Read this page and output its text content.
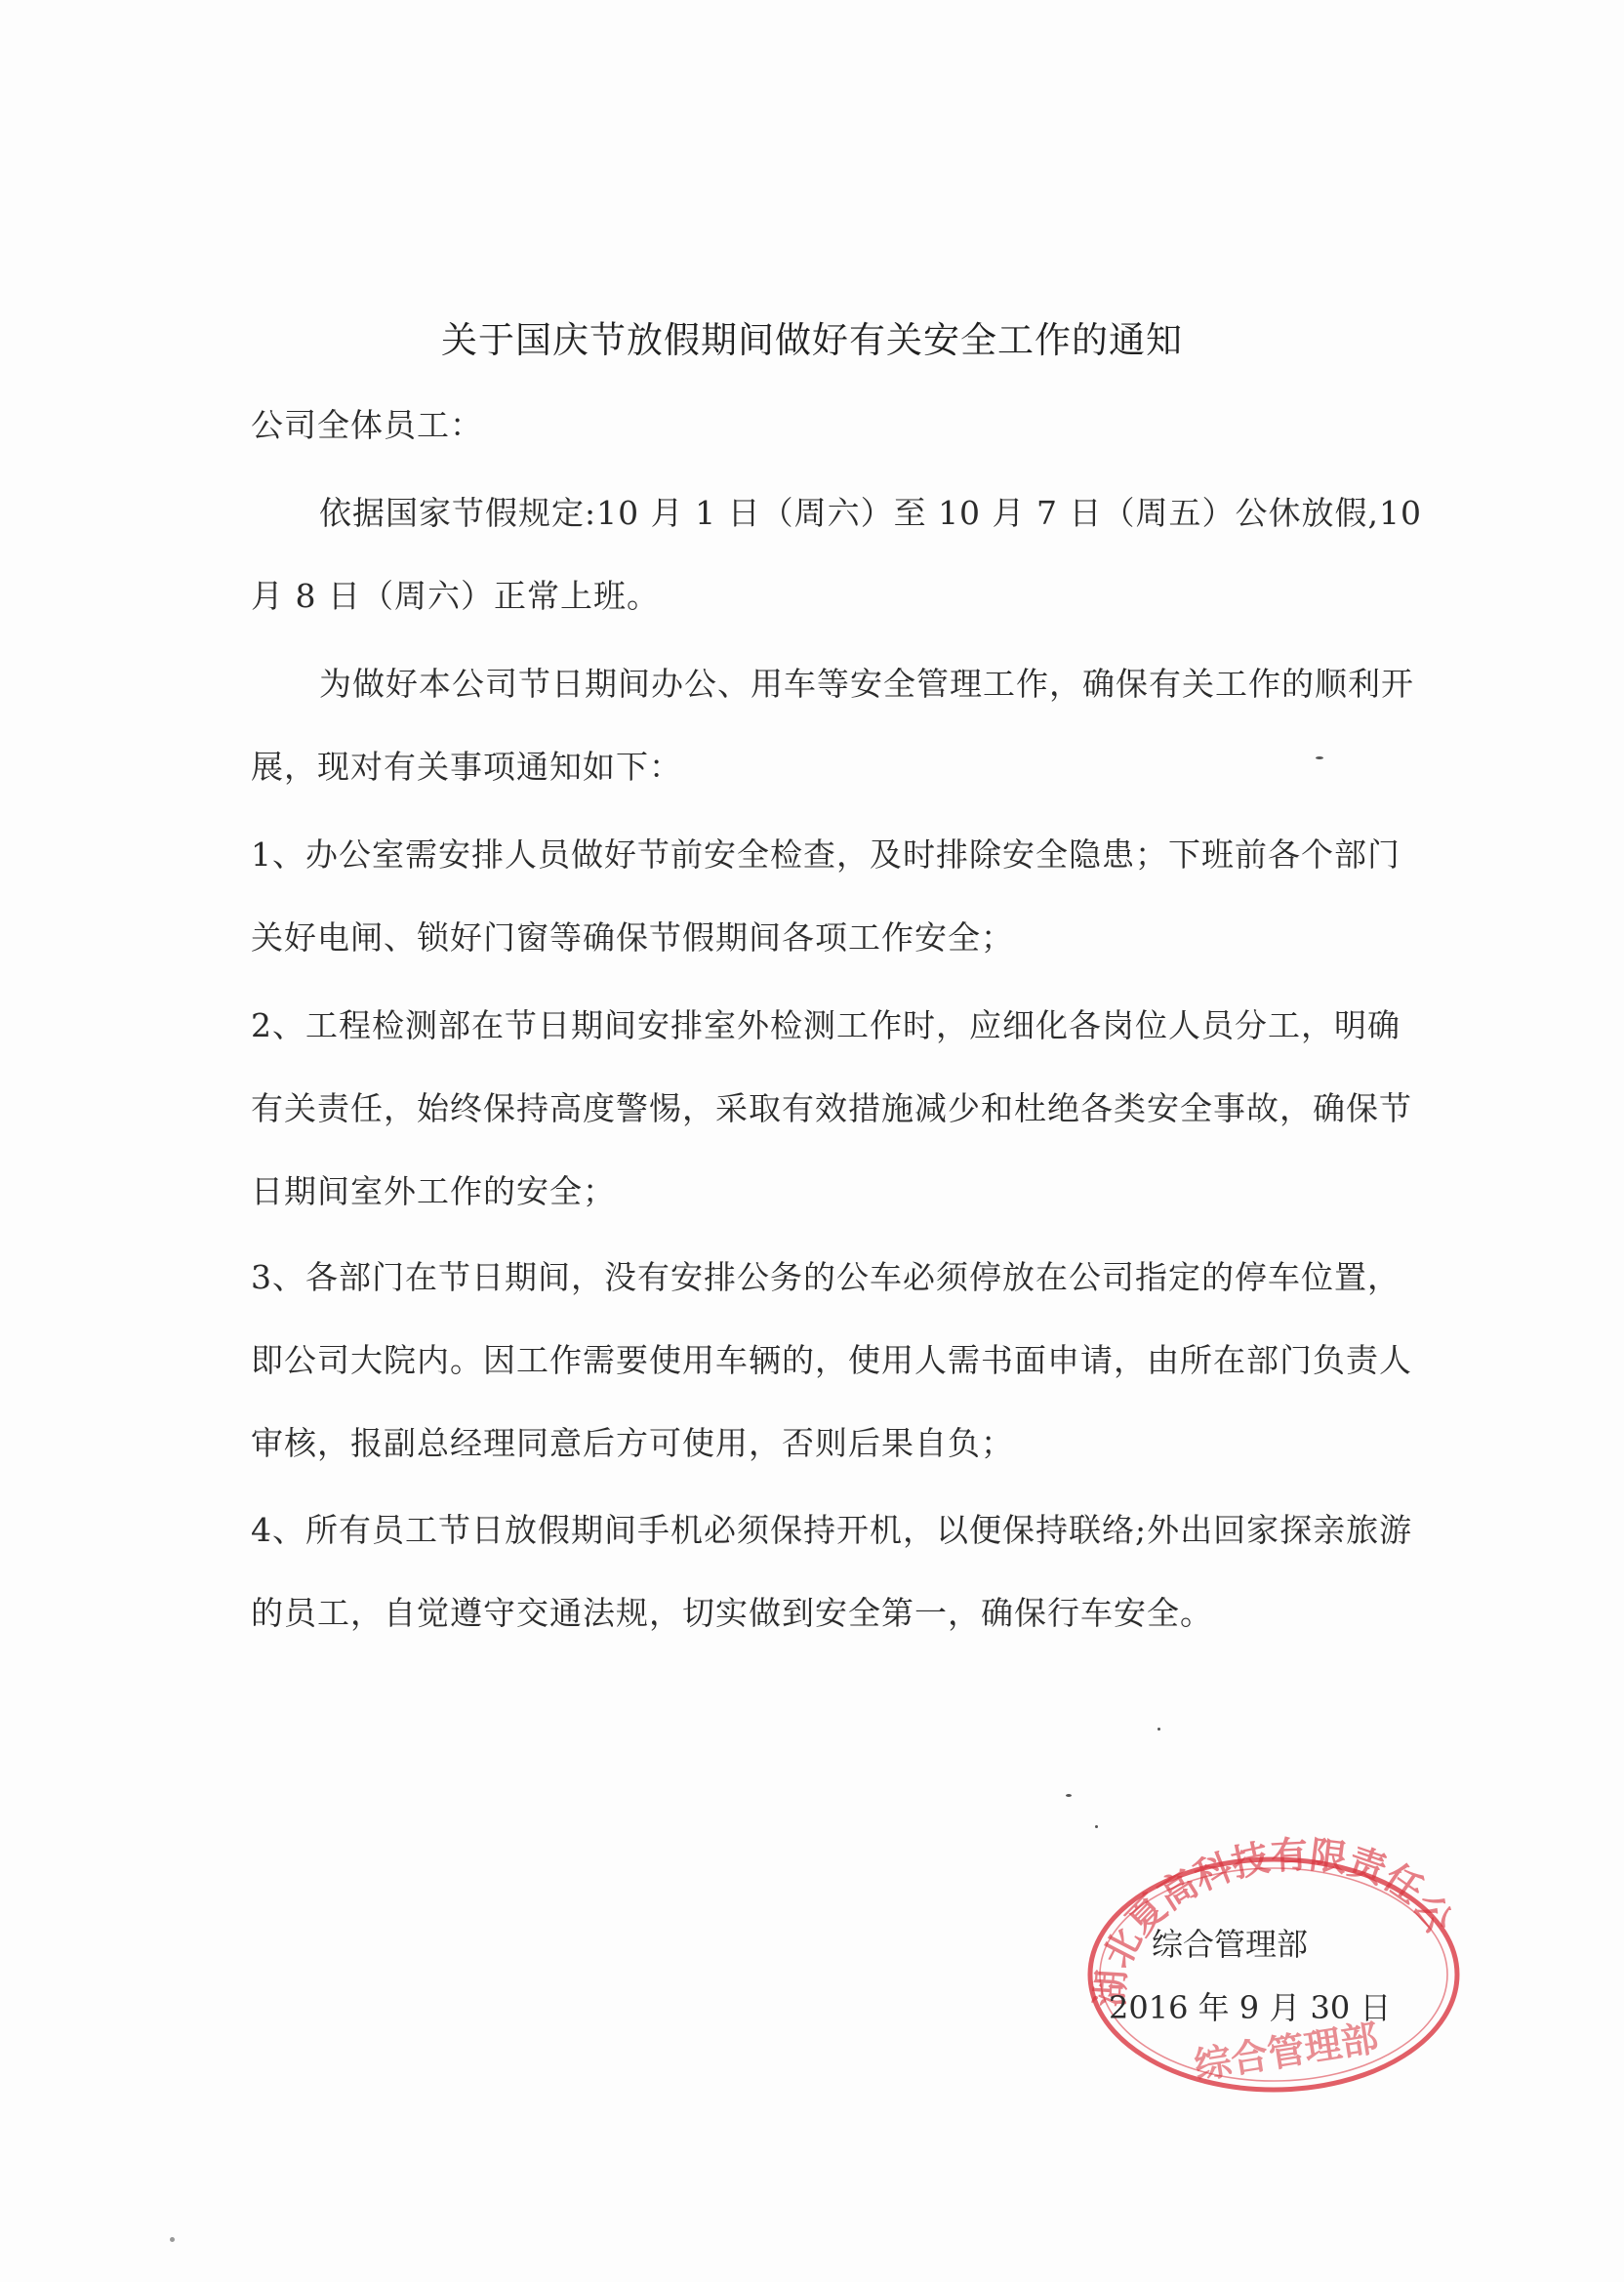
关于国庆节放假期间做好有关安全工作的通知
公司全体员工：
依据国家节假规定:10 月 1 日（周六）至 10 月 7 日（周五）公休放假,10
月 8 日（周六）正常上班。
为做好本公司节日期间办公、用车等安全管理工作，确保有关工作的顺利开
展，现对有关事项通知如下：
1、办公室需安排人员做好节前安全检查，及时排除安全隐患；下班前各个部门
关好电闸、锁好门窗等确保节假期间各项工作安全；
2、工程检测部在节日期间安排室外检测工作时，应细化各岗位人员分工，明确
有关责任，始终保持高度警惕，采取有效措施减少和杜绝各类安全事故，确保节
日期间室外工作的安全；
3、各部门在节日期间，没有安排公务的公车必须停放在公司指定的停车位置，
即公司大院内。因工作需要使用车辆的，使用人需书面申请，由所在部门负责人
审核，报副总经理同意后方可使用，否则后果自负；
4、所有员工节日放假期间手机必须保持开机，以便保持联络;外出回家探亲旅游
的员工，自觉遵守交通法规，切实做到安全第一，确保行车安全。
湖北夏高科技有限责任公司
综合管理部
综合管理部
2016 年 9 月 30 日
